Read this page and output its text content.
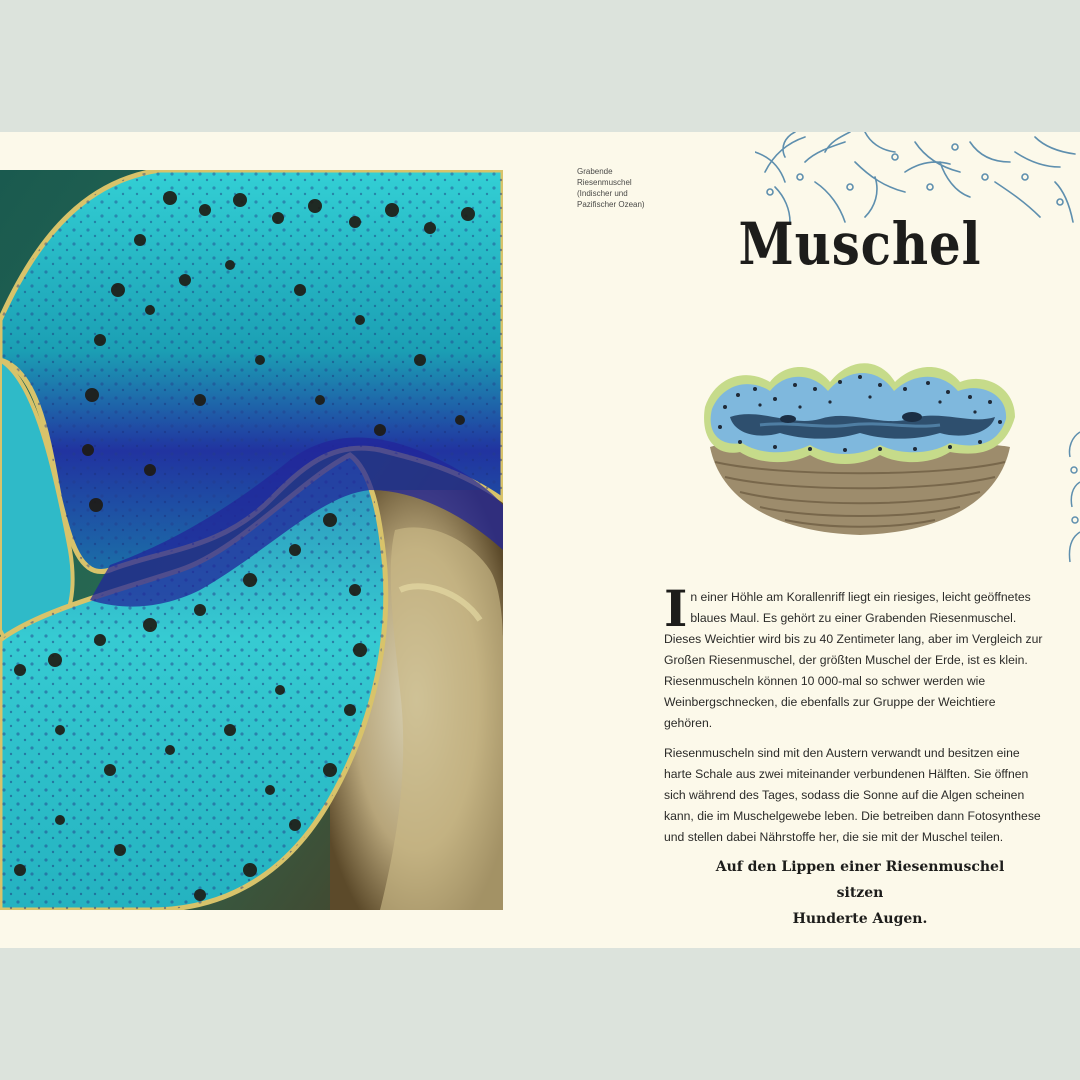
Grabende
Riesenmuschel
(Indischer und
Pazifischer Ozean)
Muschel

In einer Höhle am Korallenriff liegt ein riesiges, leicht geöffnetes blaues Maul. Es gehört zu einer Grabenden Riesenmuschel. Dieses Weichtier wird bis zu 40 Zentimeter lang, aber im Vergleich zur Großen Riesenmuschel, der größten Muschel der Erde, ist es klein. Riesenmuscheln können 10 000-mal so schwer werden wie Weinbergschnecken, die ebenfalls zur Gruppe der Weichtiere gehören.

Riesenmuscheln sind mit den Austern verwandt und besitzen eine harte Schale aus zwei miteinander verbundenen Hälften. Sie öffnen sich während des Tages, sodass die Sonne auf die Algen scheinen kann, die im Muschelgewebe leben. Die betreiben dann Fotosynthese und stellen dabei Nährstoffe her, die sie mit der Muschel teilen.

Auf den Lippen einer Riesenmuschel sitzen
Hunderte Augen.
